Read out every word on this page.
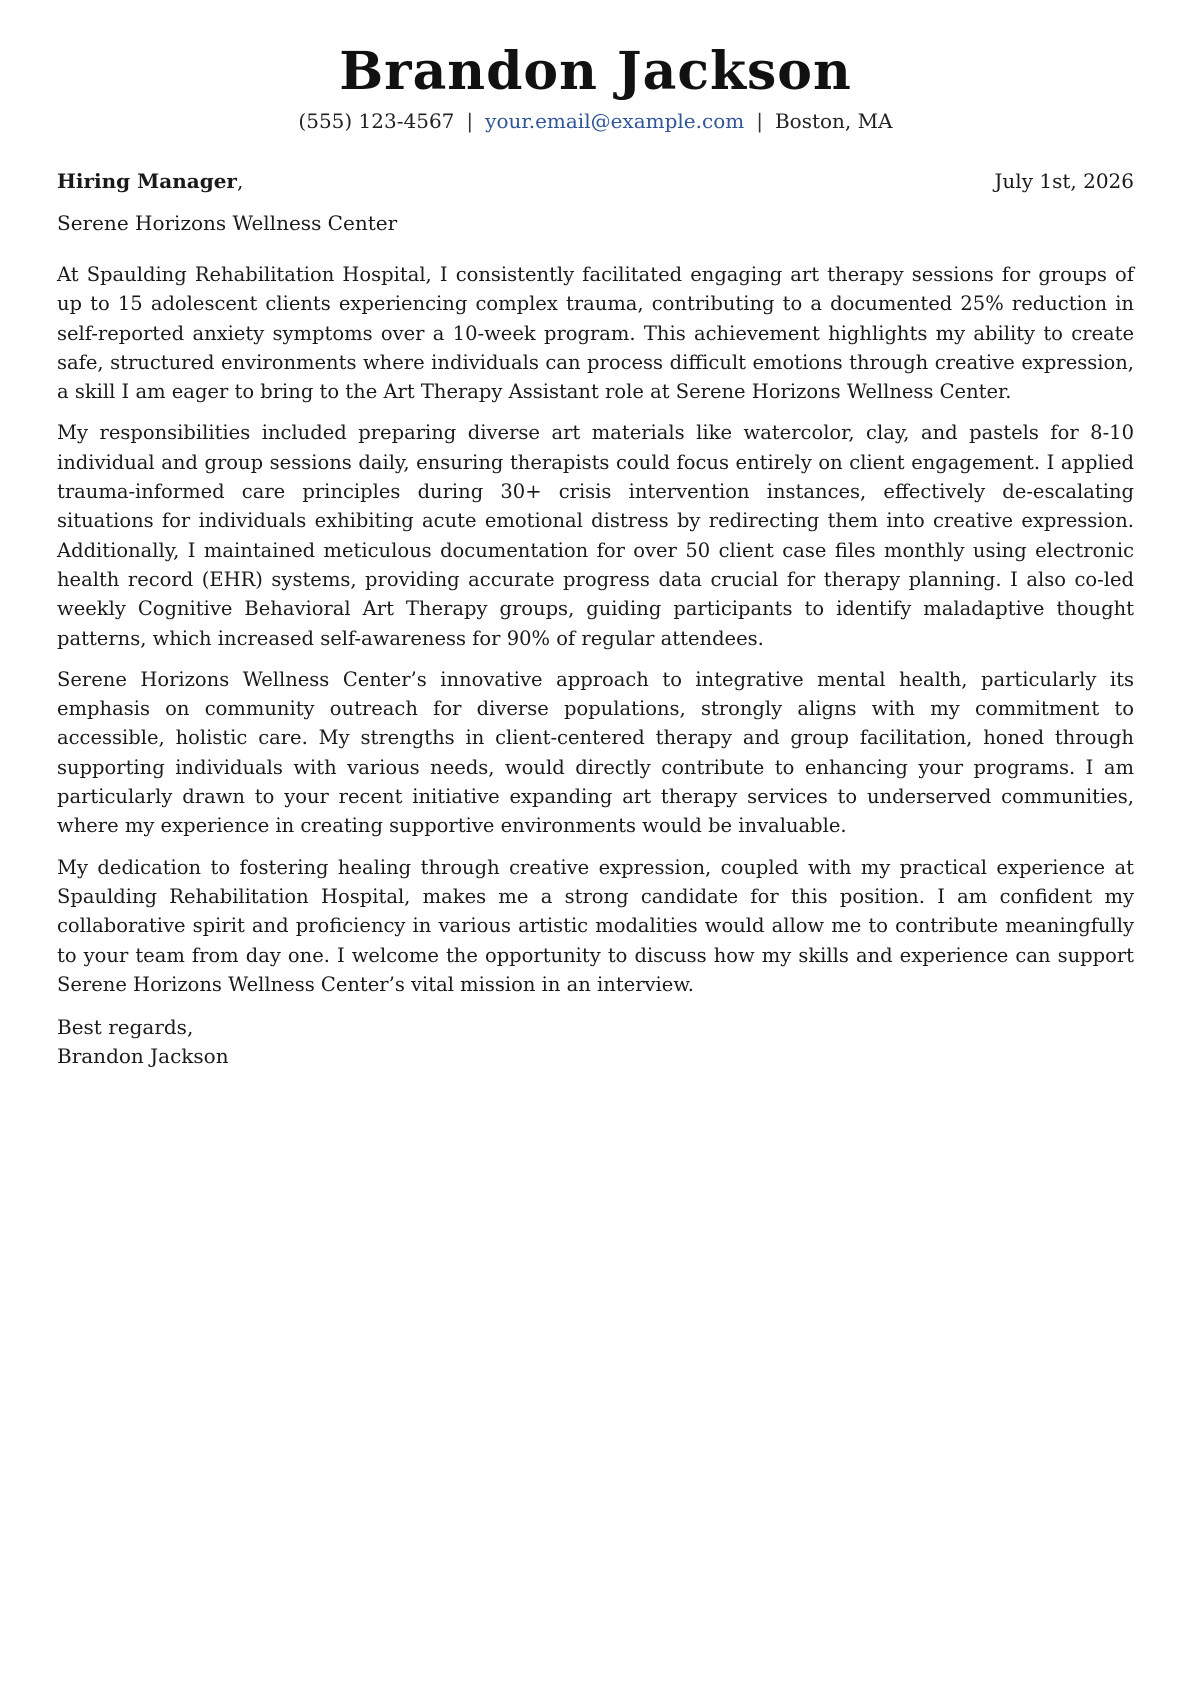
Brandon Jackson
(555) 123-4567 | your.email@example.com | Boston, MA
Hiring Manager,	July 1st, 2026
Serene Horizons Wellness Center

At Spaulding Rehabilitation Hospital, I consistently facilitated engaging art therapy sessions for groups of up to 15 adolescent clients experiencing complex trauma, contributing to a documented 25% reduction in self-reported anxiety symptoms over a 10-week program. This achievement highlights my ability to create safe, structured environments where individuals can process difficult emotions through creative expression, a skill I am eager to bring to the Art Therapy Assistant role at Serene Horizons Wellness Center.

My responsibilities included preparing diverse art materials like watercolor, clay, and pastels for 8-10 individual and group sessions daily, ensuring therapists could focus entirely on client engagement. I applied trauma-informed care principles during 30+ crisis intervention instances, effectively de-escalating situations for individuals exhibiting acute emotional distress by redirecting them into creative expression. Additionally, I maintained meticulous documentation for over 50 client case files monthly using electronic health record (EHR) systems, providing accurate progress data crucial for therapy planning. I also co-led weekly Cognitive Behavioral Art Therapy groups, guiding participants to identify maladaptive thought patterns, which increased self-awareness for 90% of regular attendees.

Serene Horizons Wellness Center’s innovative approach to integrative mental health, particularly its emphasis on community outreach for diverse populations, strongly aligns with my commitment to accessible, holistic care. My strengths in client-centered therapy and group facilitation, honed through supporting individuals with various needs, would directly contribute to enhancing your programs. I am particularly drawn to your recent initiative expanding art therapy services to underserved communities, where my experience in creating supportive environments would be invaluable.

My dedication to fostering healing through creative expression, coupled with my practical experience at Spaulding Rehabilitation Hospital, makes me a strong candidate for this position. I am confident my collaborative spirit and proficiency in various artistic modalities would allow me to contribute meaningfully to your team from day one. I welcome the opportunity to discuss how my skills and experience can support Serene Horizons Wellness Center’s vital mission in an interview.

Best regards,
Brandon Jackson
